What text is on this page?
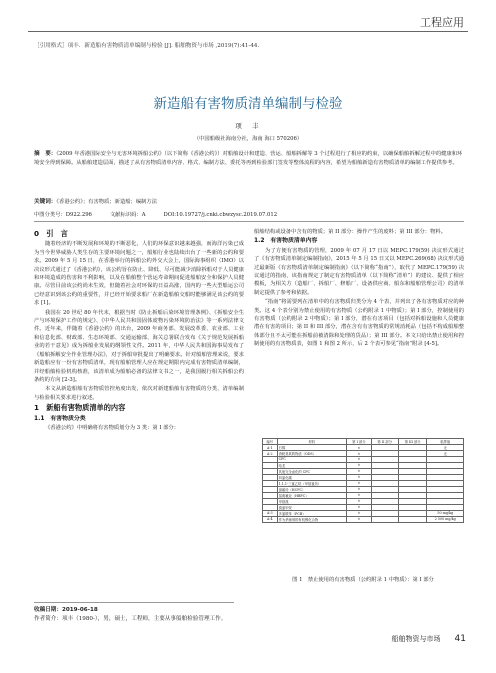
工程应用
［引用格式］项丰．新造船有害物质清单编制与检验 [J]. 船舶物资与市场 ,2019(7):41-44.
新造船有害物质清单编制与检验
项　丰
（中国船级社海南分社，海南 海口 570206）
摘　要：《2009 年香港国际安全与无害环境拆船公约》（以下简称《香港公约》）对船舶设计和建造、营运、船舶拆解等 3 个过程进行了相应的约束，以确保船舶拆解过程中的健康和环境安全得到保障。从船舶建造层面，描述了从有害物质清单内容、格式、编制方法、委托等再到检验部门签发等整体流程的内容，希望为船舶新造有害物质清单的编制工作提供参考。
关键词：《香港公约》；有害物质；新造船；编制方法
中图分类号：D922.296	文献标识码：A	DOI:10.19727/j.cnki.cbwzysc.2019.07.012
0　引　言

随着经济的不断发展和环境的不断恶化，人们的环保意识越来越强，而海洋污染已成为当今世界威胁人类生存的主要环境问题之一，船舶行业也陆续出台了一些新的公约和要求。2009 年 5 月 15 日，在香港举行的拆船公约外交大会上，国际海事组织（IMO）以决议形式通过了《香港公约》，该公约旨在防止、降低、尽可能减少消除拆船对于人员健康和环境造成的伤害和不利影响，以及在船舶整个营运寿命期间促进船舶安全和保护人员健康。尽管目前该公约尚未生效，但随着社会对环保的日益高涨，国内的一些大型船运公司已经意识到该公约的重要性，并已经开始要求船厂在新造船舶交船时能够满足该公约的要求 [1]。

我国在 20 世纪 80 年代末，根据当时《防止拆船后染环境管理条例》、《拆船安全生产与环境保护工作的规定》、《中华人民共和国固体废物污染环境防治法》等一系列法律文件。近年来，伴随着《香港公约》的出台，2009 年商务部、发展改革委、农业部、工业和信息化部、财政部、生态环境部、交通运输部、海关总署联合发布《关于规范发展拆船业的若干意见》成为拆船业发展的纲领性文件。2011 年，中华人民共和国海事局发布了《船舶拆解安全作业管理办法》，对于拆船审批提出了明确要求。针对船舶管理来说，要求新造船应有一份有害物质清单，现有船舶管理人应在规定期限内完成有害物质清单编制，并经船舶检验机构核准，该清单成为船舶必备的法律文书之一，是我国履行相关拆船公约条约的方向 [2-3]。

本文从新造船舶有害物质管控角度出发，依次对新建船舶有害物质的分类、清单编制与检验相关要求进行叙述。

1　新船有害物质清单的内容
1.1　有害物质分类

《香港公约》中明确将有害物质划分为 3 类：第 I 部分：

船舶结构或设备中含有的物质；第 II 部分：操作产生的废料；第 III 部分：物料。

1.2　有害物质清单内容

为了方便有害物质的管理，2009 年 07 月 17 日以 MEPC.179(59) 决议形式通过了《有害物质清单制定编制指南》，2015 年 5 月 15 日又以 MEPC.269(68) 决议形式通过最新版《有害物质清单制定编制指南》（以下简称“指南”），取代了 MEPC.179(59) 决议通过的指南，该指南规定了制定有害物质清单（以下简称“清单”）的建议、提供了相应模板，为相关方（造船厂、拆船厂、修船厂、设备供应商、船东和船舶管理公司）的清单制定提供了参考和依据。

“指南”将需要列在清单中的有害物质归类分为 4 个表，并列出了各有害物质对应的种类。这 4 个表分别为禁止使用的有害物质（公约附录 1 中物质）；第 I 部分，控制使用的有害物质（公约附录 2 中物质）；第 I 部分，潜在有害项目（包括对拆船设施和人员健康潜在有害的项目；第 II 和 III 部分，潜在含有有害物质的常规消耗品（包括不构成船舶整体部分且不太可能在拆船前被清除和处理的货品）；第 III 部分。本文只给出禁止使用和控制使用的有害物质表，如图 1 和图 2 所示，后 2 个表可参见“指南”附录 [4-5]。

编号	材料	第 I 部分	第 II 部分	第 III 部分	临界值
A-1	石棉	×			无
A-2	消耗臭氧的物质（ODS）	×			无
	CFC	×			
	哈龙	×			
	其他完全卤化的 CFC	×			
	四氯化碳	×			
	1,1,1-三氯乙烷（甲基氯仿）	×			
	氯氟烃（HCFC）	×			
	氢溴氟烃（HBFC）	×			
	甲基溴	×			
	溴氯甲烷	×			
A-3	多氯联苯（PCB）	×			50 mg/kg
A-4	作为杀菌剂的有机锡化合物	×			2 500 mg/kg
图 1　禁止使用的有害物质（公约附录 1 中物质）：第 I 部分
收稿日期：2019-06-18
作者简介：项丰（1980-），男，硕士，工程师，主要从事船舶检验管理工作。
船舶物资与市场 41
